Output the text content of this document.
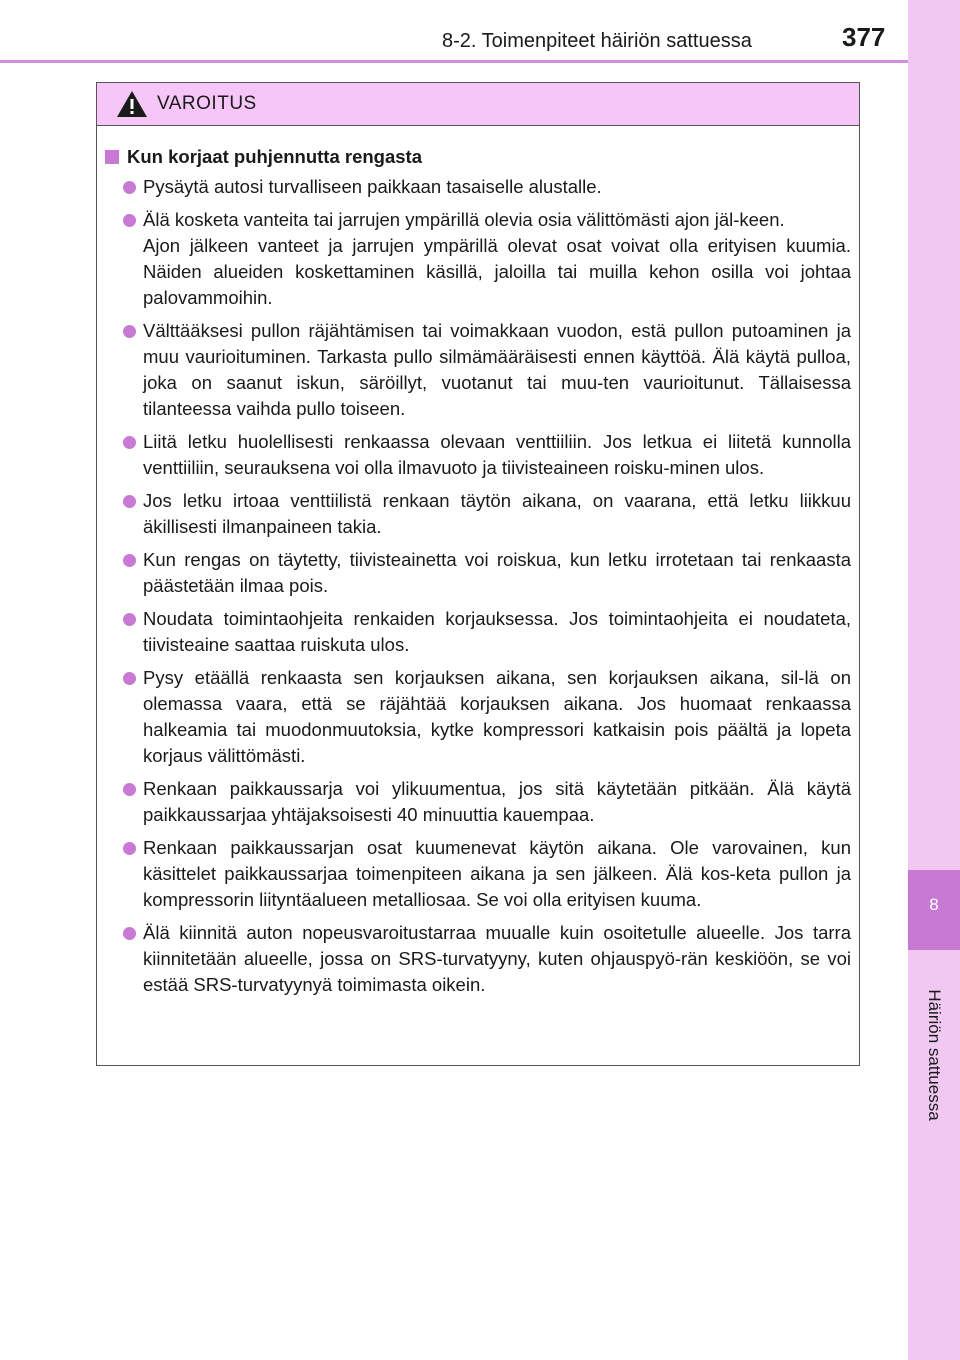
8-2. Toimenpiteet häiriön sattuessa	377
8
Häiriön sattuessa
VAROITUS
Kun korjaat puhjennutta rengasta
Pysäytä autosi turvalliseen paikkaan tasaiselle alustalle.
Älä kosketa vanteita tai jarrujen ympärillä olevia osia välittömästi ajon jäl-keen.
Ajon jälkeen vanteet ja jarrujen ympärillä olevat osat voivat olla erityisen kuumia. Näiden alueiden koskettaminen käsillä, jaloilla tai muilla kehon osilla voi johtaa palovammoihin.
Välttääksesi pullon räjähtämisen tai voimakkaan vuodon, estä pullon putoaminen ja muu vaurioituminen. Tarkasta pullo silmämääräisesti ennen käyttöä. Älä käytä pulloa, joka on saanut iskun, säröillyt, vuotanut tai muu-ten vaurioitunut. Tällaisessa tilanteessa vaihda pullo toiseen.
Liitä letku huolellisesti renkaassa olevaan venttiiliin. Jos letkua ei liitetä kunnolla venttiiliin, seurauksena voi olla ilmavuoto ja tiivisteaineen roisku-minen ulos.
Jos letku irtoaa venttiilistä renkaan täytön aikana, on vaarana, että letku liikkuu äkillisesti ilmanpaineen takia.
Kun rengas on täytetty, tiivisteainetta voi roiskua, kun letku irrotetaan tai renkaasta päästetään ilmaa pois.
Noudata toimintaohjeita renkaiden korjauksessa. Jos toimintaohjeita ei noudateta, tiivisteaine saattaa ruiskuta ulos.
Pysy etäällä renkaasta sen korjauksen aikana, sen korjauksen aikana, sil-lä on olemassa vaara, että se räjähtää korjauksen aikana. Jos huomaat renkaassa halkeamia tai muodonmuutoksia, kytke kompressori katkaisin pois päältä ja lopeta korjaus välittömästi.
Renkaan paikkaussarja voi ylikuumentua, jos sitä käytetään pitkään. Älä käytä paikkaussarjaa yhtäjaksoisesti 40 minuuttia kauempaa.
Renkaan paikkaussarjan osat kuumenevat käytön aikana. Ole varovainen, kun käsittelet paikkaussarjaa toimenpiteen aikana ja sen jälkeen. Älä kos-keta pullon ja kompressorin liityntäalueen metalliosaa. Se voi olla erityisen kuuma.
Älä kiinnitä auton nopeusvaroitustarraa muualle kuin osoitetulle alueelle. Jos tarra kiinnitetään alueelle, jossa on SRS-turvatyyny, kuten ohjauspyö-rän keskiöön, se voi estää SRS-turvatyynyä toimimasta oikein.
